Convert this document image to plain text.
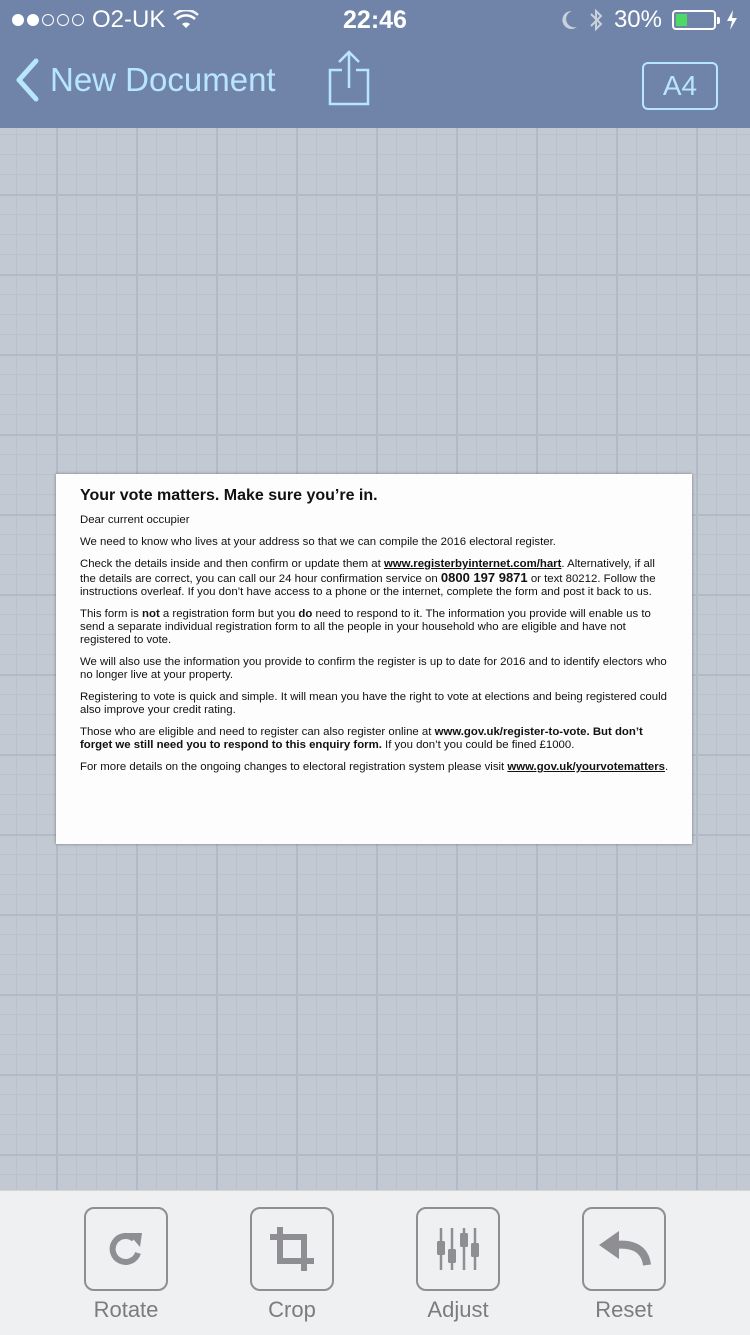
O2-UK	22:46	30%
New Document	A4
Your vote matters. Make sure you’re in.

Dear current occupier

We need to know who lives at your address so that we can compile the 2016 electoral register.

Check the details inside and then confirm or update them at www.registerbyinternet.com/hart. Alternatively, if all the details are correct, you can call our 24 hour confirmation service on 0800 197 9871 or text 80212. Follow the instructions overleaf. If you don’t have access to a phone or the internet, complete the form and post it back to us.

This form is not a registration form but you do need to respond to it. The information you provide will enable us to send a separate individual registration form to all the people in your household who are eligible and have not registered to vote.

We will also use the information you provide to confirm the register is up to date for 2016 and to identify electors who no longer live at your property.

Registering to vote is quick and simple. It will mean you have the right to vote at elections and being registered could also improve your credit rating.

Those who are eligible and need to register can also register online at www.gov.uk/register-to-vote. But don’t forget we still need you to respond to this enquiry form. If you don’t you could be fined £1000.

For more details on the ongoing changes to electoral registration system please visit www.gov.uk/yourvotematters.

Rotate	Crop	Adjust	Reset
